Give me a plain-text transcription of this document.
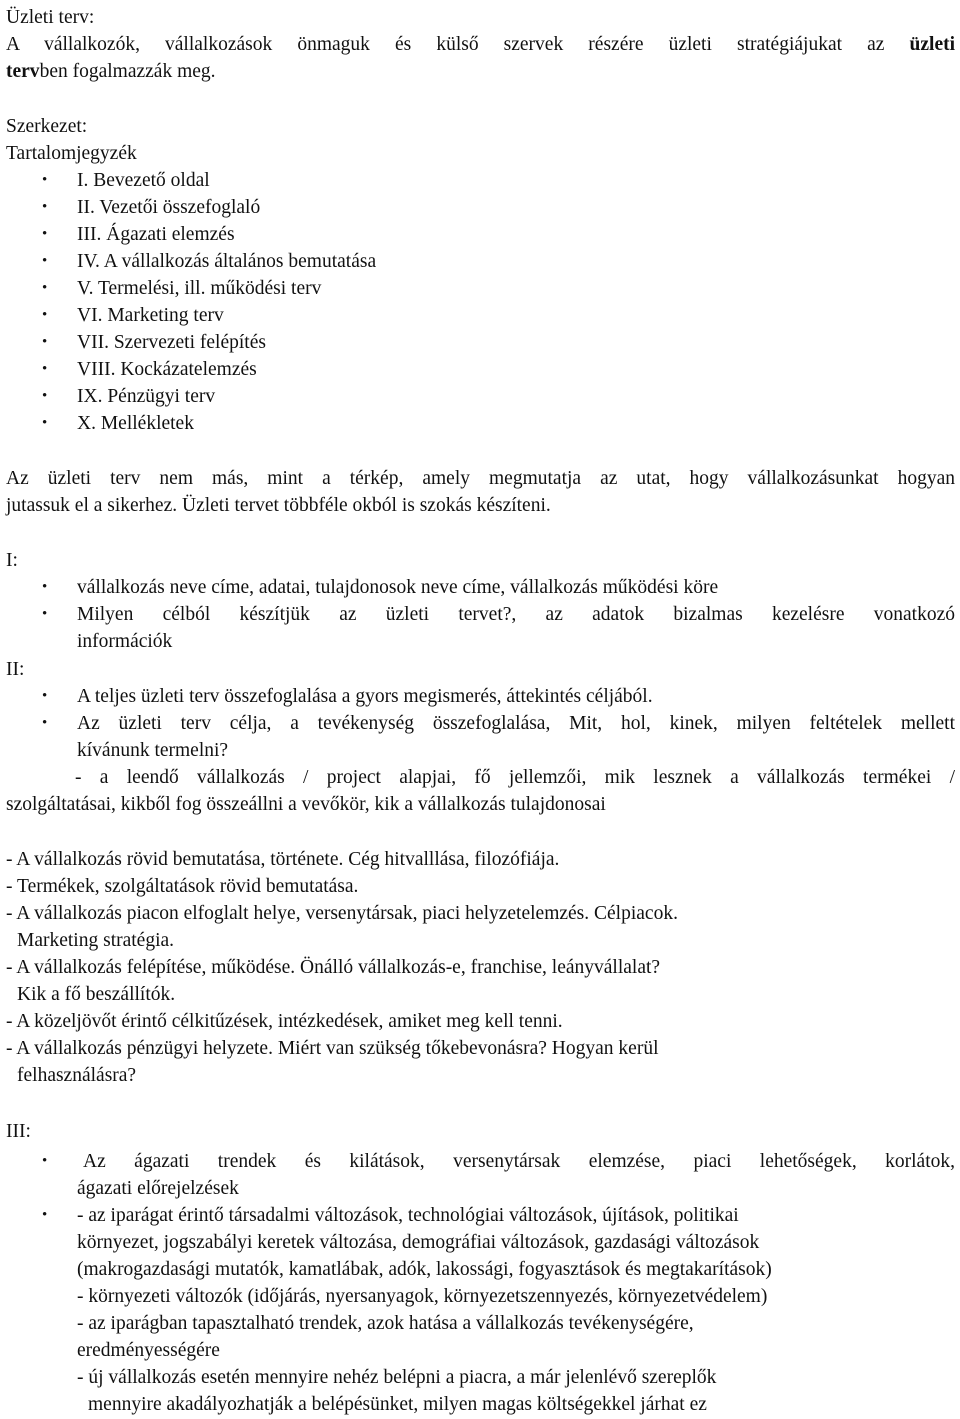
Üzleti terv:
A vállalkozók, vállalkozások önmaguk és külső szervek részére üzleti stratégiájukat az üzleti
tervben fogalmazzák meg.
Szerkezet:
Tartalomjegyzék
• I. Bevezető oldal
• II. Vezetői összefoglaló
• III. Ágazati elemzés
• IV. A vállalkozás általános bemutatása
• V. Termelési, ill. működési terv
• VI. Marketing terv
• VII. Szervezeti felépítés
• VIII. Kockázatelemzés
• IX. Pénzügyi terv
• X. Mellékletek
Az üzleti terv nem más, mint a térkép, amely megmutatja az utat, hogy vállalkozásunkat hogyan
jutassuk el a sikerhez. Üzleti tervet többféle okból is szokás készíteni.
I:
• vállalkozás neve címe, adatai, tulajdonosok neve címe, vállalkozás működési köre
• Milyen célból készítjük az üzleti tervet?, az adatok bizalmas kezelésre vonatkozó
információk
II:
• A teljes üzleti terv összefoglalása a gyors megismerés, áttekintés céljából.
• Az üzleti terv célja, a tevékenység összefoglalása, Mit, hol, kinek, milyen feltételek mellett
kívánunk termelni?
- a leendő vállalkozás / project alapjai, fő jellemzői, mik lesznek a vállalkozás termékei /
szolgáltatásai, kikből fog összeállni a vevőkör, kik a vállalkozás tulajdonosai
- A vállalkozás rövid bemutatása, története. Cég hitvalllása, filozófiája.
- Termékek, szolgáltatások rövid bemutatása.
- A vállalkozás piacon elfoglalt helye, versenytársak, piaci helyzetelemzés. Célpiacok.
Marketing stratégia.
- A vállalkozás felépítése, működése. Önálló vállalkozás-e, franchise, leányvállalat?
Kik a fő beszállítók.
- A közeljövőt érintő célkitűzések, intézkedések, amiket meg kell tenni.
- A vállalkozás pénzügyi helyzete. Miért van szükség tőkebevonásra? Hogyan kerül
felhasználásra?
III:
•	Az ágazati trendek és kilátások, versenytársak elemzése, piaci lehetőségek, korlátok,
ágazati előrejelzések
• - az iparágat érintő társadalmi változások, technológiai változások, újítások, politikai
környezet, jogszabályi keretek változása, demográfiai változások, gazdasági változások
(makrogazdasági mutatók, kamatlábak, adók, lakossági, fogyasztások és megtakarítások)
- környezeti változók (időjárás, nyersanyagok, környezetszennyezés, környezetvédelem)
- az iparágban tapasztalható trendek, azok hatása a vállalkozás tevékenységére,
eredményességére
- új vállalkozás esetén mennyire nehéz belépni a piacra, a már jelenlévő szereplők
mennyire akadályozhatják a belépésünket, milyen magas költségekkel járhat ez
